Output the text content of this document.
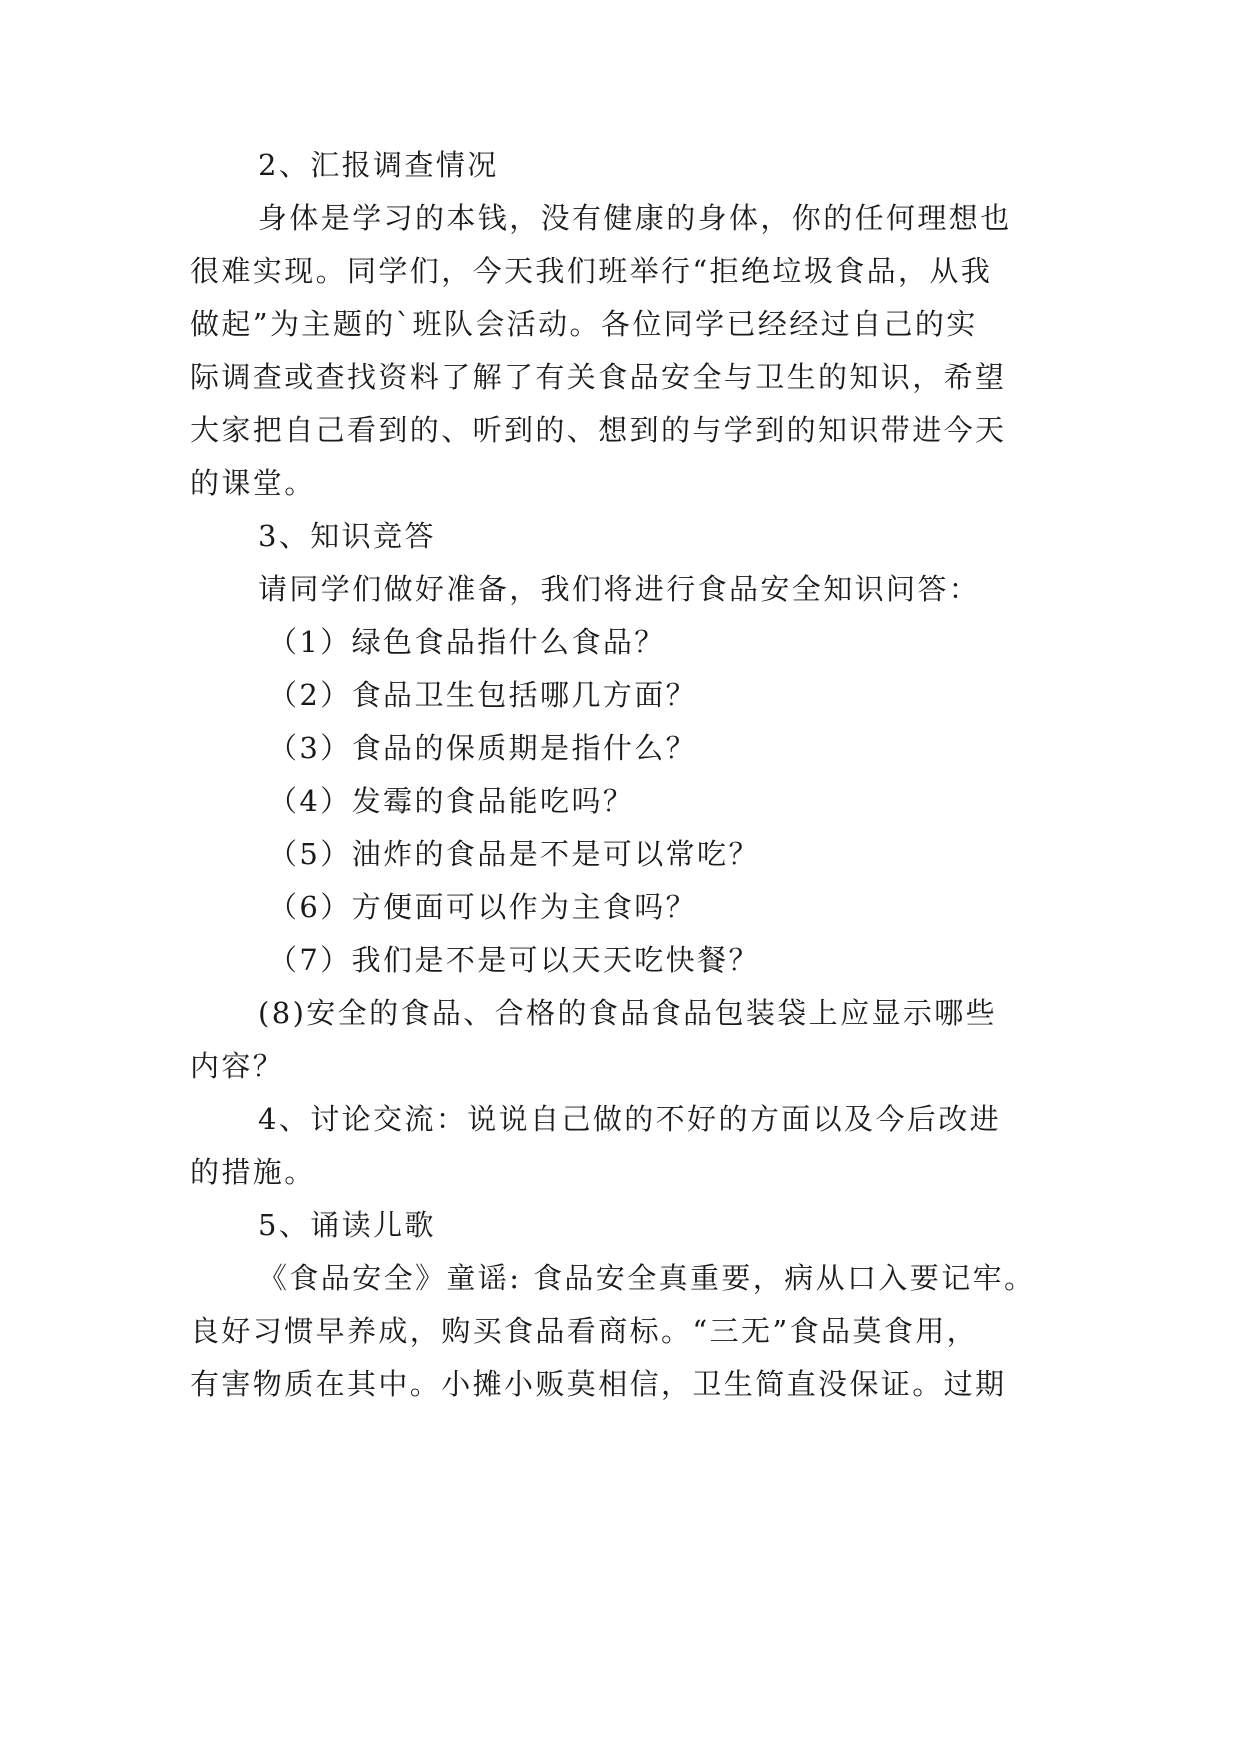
2、汇报调查情况
身体是学习的本钱，没有健康的身体，你的任何理想也
很难实现。同学们，今天我们班举行“拒绝垃圾食品，从我
做起”为主题的`班队会活动。各位同学已经经过自己的实
际调查或查找资料了解了有关食品安全与卫生的知识，希望
大家把自己看到的、听到的、想到的与学到的知识带进今天
的课堂。
3、知识竞答
请同学们做好准备，我们将进行食品安全知识问答：
（1）绿色食品指什么食品？
（2）食品卫生包括哪几方面？
（3）食品的保质期是指什么？
（4）发霉的食品能吃吗？
（5）油炸的食品是不是可以常吃？
（6）方便面可以作为主食吗？
（7）我们是不是可以天天吃快餐？
(8)安全的食品、合格的食品食品包装袋上应显示哪些
内容？
4、讨论交流：说说自己做的不好的方面以及今后改进
的措施。
5、诵读儿歌
《食品安全》童谣: 食品安全真重要，病从口入要记牢。
良好习惯早养成，购买食品看商标。“三无”食品莫食用，
有害物质在其中。小摊小贩莫相信，卫生简直没保证。过期
